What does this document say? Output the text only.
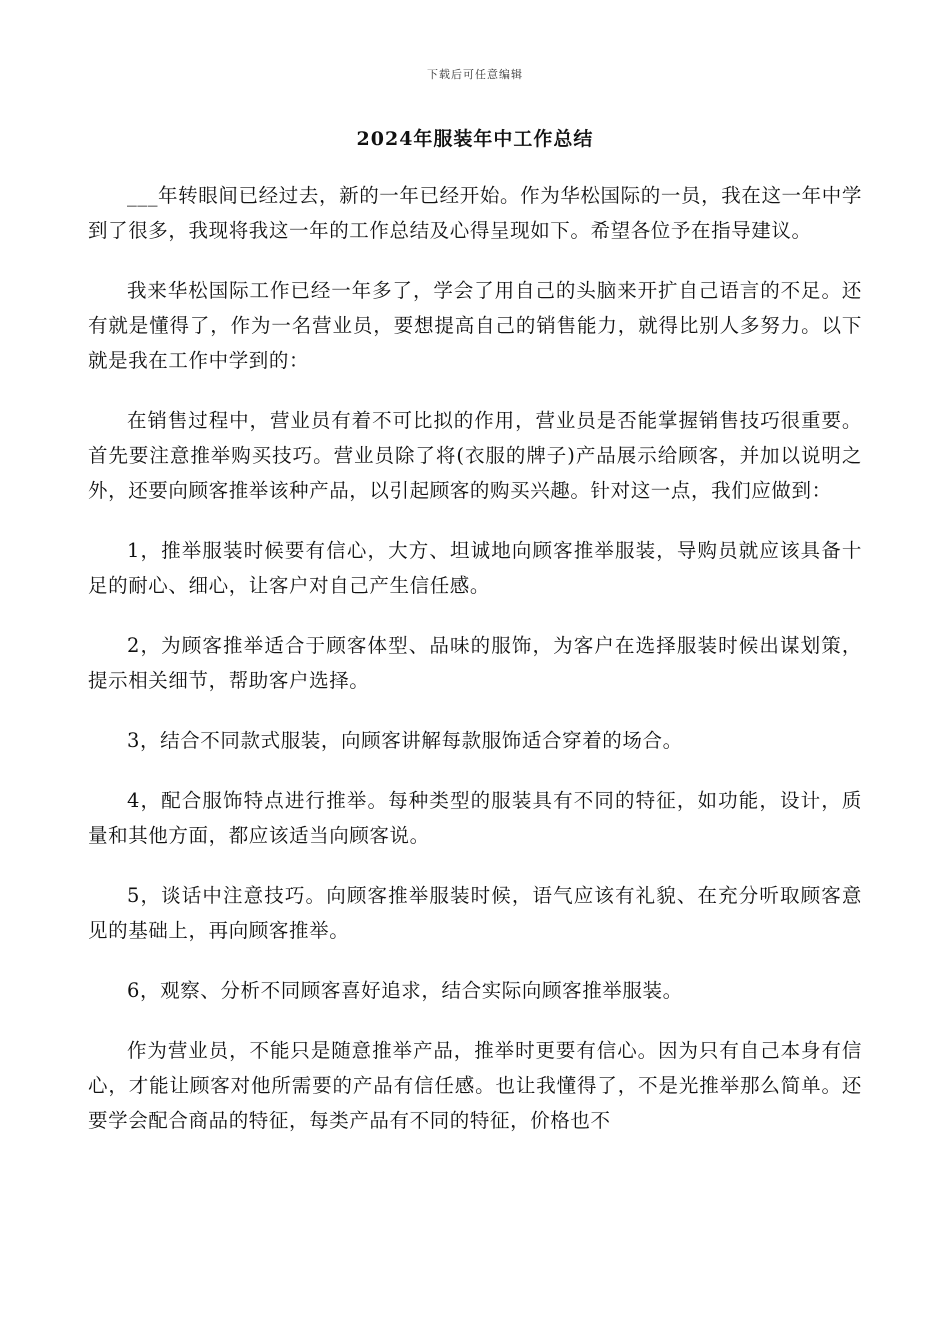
下载后可任意编辑
2024年服装年中工作总结

___年转眼间已经过去，新的一年已经开始。作为华松国际的一员，我在这一年中学到了很多，我现将我这一年的工作总结及心得呈现如下。希望各位予在指导建议。

我来华松国际工作已经一年多了，学会了用自己的头脑来开扩自己语言的不足。还有就是懂得了，作为一名营业员，要想提高自己的销售能力，就得比别人多努力。以下就是我在工作中学到的：

在销售过程中，营业员有着不可比拟的作用，营业员是否能掌握销售技巧很重要。首先要注意推举购买技巧。营业员除了将(衣服的牌子)产品展示给顾客，并加以说明之外，还要向顾客推举该种产品，以引起顾客的购买兴趣。针对这一点，我们应做到：

1，推举服装时候要有信心，大方、坦诚地向顾客推举服装，导购员就应该具备十足的耐心、细心，让客户对自己产生信任感。

2，为顾客推举适合于顾客体型、品味的服饰，为客户在选择服装时候出谋划策，提示相关细节，帮助客户选择。

3，结合不同款式服装，向顾客讲解每款服饰适合穿着的场合。

4，配合服饰特点进行推举。每种类型的服装具有不同的特征，如功能，设计，质量和其他方面，都应该适当向顾客说。

5，谈话中注意技巧。向顾客推举服装时候，语气应该有礼貌、在充分听取顾客意见的基础上，再向顾客推举。

6，观察、分析不同顾客喜好追求，结合实际向顾客推举服装。

作为营业员，不能只是随意推举产品，推举时更要有信心。因为只有自己本身有信心，才能让顾客对他所需要的产品有信任感。也让我懂得了，不是光推举那么简单。还要学会配合商品的特征，每类产品有不同的特征，价格也不
